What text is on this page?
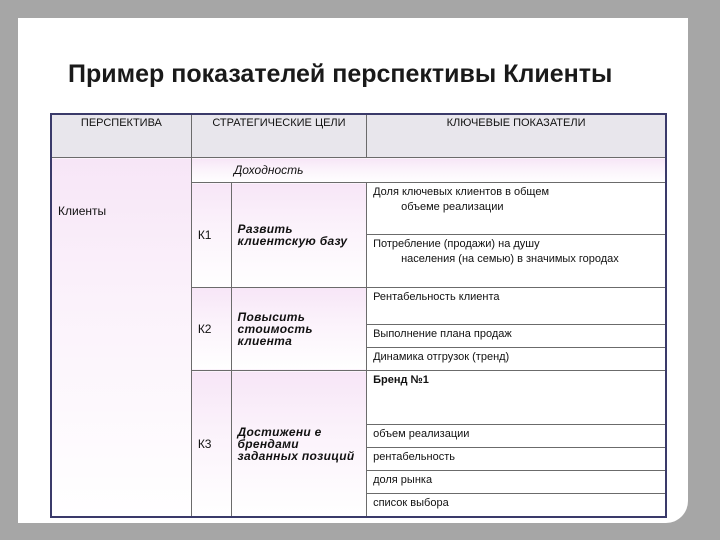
Пример показателей перспективы Клиенты
ПЕРСПЕКТИВА	СТРАТЕГИЧЕСКИЕ ЦЕЛИ		КЛЮЧЕВЫЕ ПОКАЗАТЕЛИ
Клиенты	Доходность		
	К1	Развить клиентскую базу	Доля ключевых клиентов в общем
объеме реализации

			Потребление (продажи) на душу
населения (на семью) в значимых городах

	К2	Повысить стоимость клиента	Рентабельность клиента
			Выполнение плана продаж
			Динамика отгрузок (тренд)
	К3	Достижени е брендами заданных позиций	Бренд №1
			объем реализации
			рентабельность
			доля рынка
			список выбора
